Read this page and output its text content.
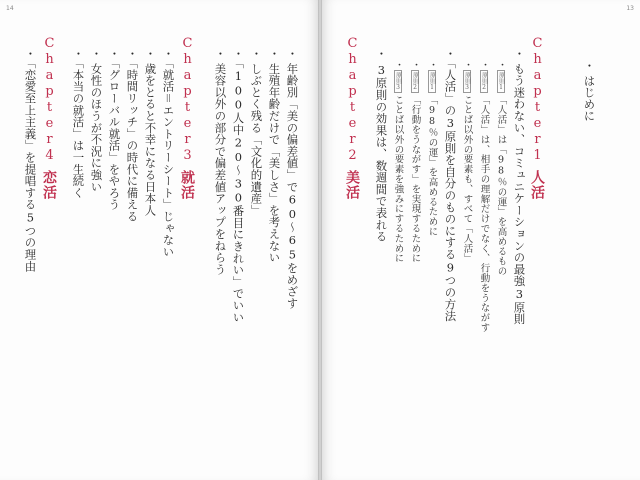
14	13
・はじめに
Chapter1人活
・もう迷わない、コミュニケーションの最強3原則
・原則1「人活」は「98％の運」を高めるもの
・原則2「人活」は、相手の理解だけでなく、行動をうながす
・原則3ことば以外の要素も、すべて「人活」
・「人活」の3原則を自分のものにする9つの方法
・原則1「98％の運」を高めるために
・原則2「行動をうながす」を実現するために
・原則3ことば以外の要素を強みにするために
・3原則の効果は、数週間で表れる
Chapter2美活
・年齢別「美の偏差値」で60～65をめざす
・生殖年齢だけで「美しさ」を考えない
・しぶとく残る「文化的遺産」
・「100人中20～30番目にきれい」でいい
・美容以外の部分で偏差値アップをねらう
Chapter3就活
・「就活＝エントリーシート」じゃない
・歳をとると不幸になる日本人
・「時間リッチ」の時代に備える
・「グローバル就活」をやろう
・女性のほうが不況に強い
・「本当の就活」は一生続く
Chapter4恋活
・「恋愛至上主義」を提唱する5つの理由
